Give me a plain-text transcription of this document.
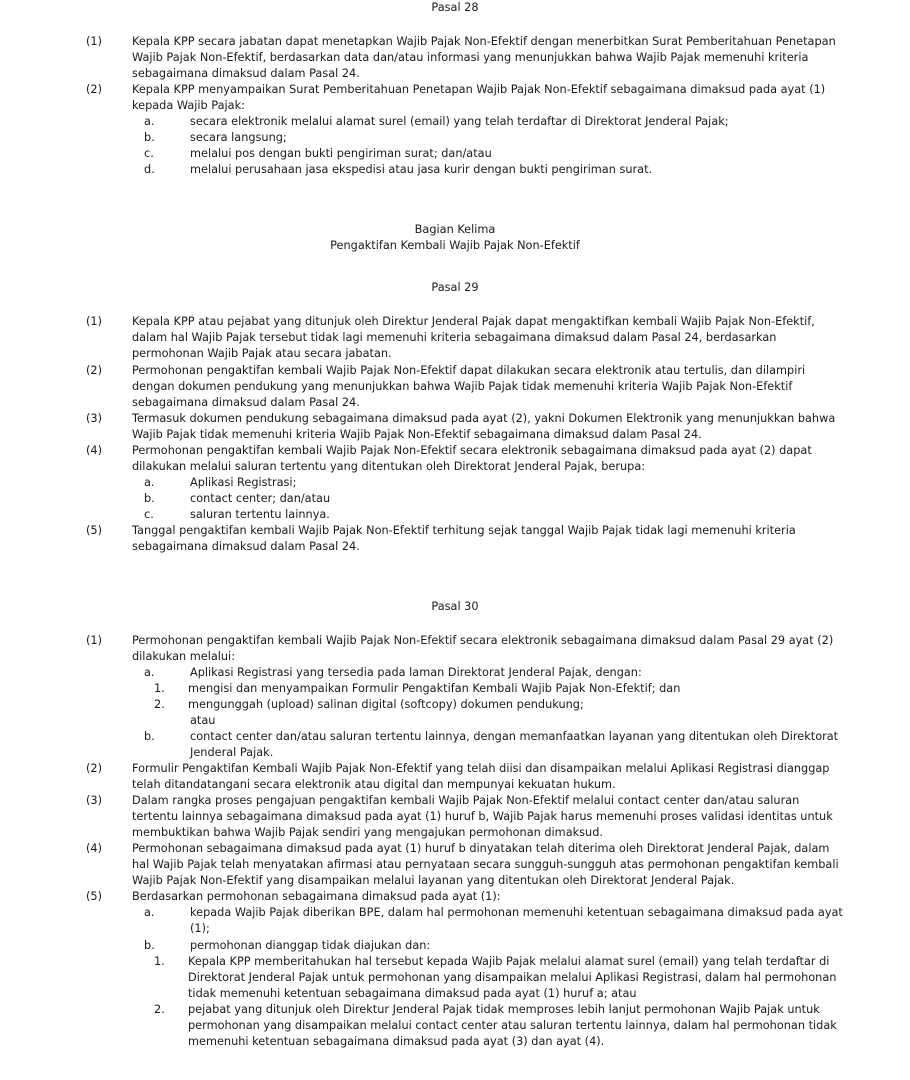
Pasal 28
(1)	Kepala KPP secara jabatan dapat menetapkan Wajib Pajak Non-Efektif dengan menerbitkan Surat Pemberitahuan Penetapan Wajib Pajak Non-Efektif, berdasarkan data dan/atau informasi yang menunjukkan bahwa Wajib Pajak memenuhi kriteria sebagaimana dimaksud dalam Pasal 24.
(2)	Kepala KPP menyampaikan Surat Pemberitahuan Penetapan Wajib Pajak Non-Efektif sebagaimana dimaksud pada ayat (1) kepada Wajib Pajak:
a.	secara elektronik melalui alamat surel (email) yang telah terdaftar di Direktorat Jenderal Pajak;
b.	secara langsung;
c.	melalui pos dengan bukti pengiriman surat; dan/atau
d.	melalui perusahaan jasa ekspedisi atau jasa kurir dengan bukti pengiriman surat.
Bagian Kelima
Pengaktifan Kembali Wajib Pajak Non-Efektif
Pasal 29
(1)	Kepala KPP atau pejabat yang ditunjuk oleh Direktur Jenderal Pajak dapat mengaktifkan kembali Wajib Pajak Non-Efektif, dalam hal Wajib Pajak tersebut tidak lagi memenuhi kriteria sebagaimana dimaksud dalam Pasal 24, berdasarkan permohonan Wajib Pajak atau secara jabatan.
(2)	Permohonan pengaktifan kembali Wajib Pajak Non-Efektif dapat dilakukan secara elektronik atau tertulis, dan dilampiri dengan dokumen pendukung yang menunjukkan bahwa Wajib Pajak tidak memenuhi kriteria Wajib Pajak Non-Efektif sebagaimana dimaksud dalam Pasal 24.
(3)	Termasuk dokumen pendukung sebagaimana dimaksud pada ayat (2), yakni Dokumen Elektronik yang menunjukkan bahwa Wajib Pajak tidak memenuhi kriteria Wajib Pajak Non-Efektif sebagaimana dimaksud dalam Pasal 24.
(4)	Permohonan pengaktifan kembali Wajib Pajak Non-Efektif secara elektronik sebagaimana dimaksud pada ayat (2) dapat dilakukan melalui saluran tertentu yang ditentukan oleh Direktorat Jenderal Pajak, berupa:
a.	Aplikasi Registrasi;
b.	contact center; dan/atau
c.	saluran tertentu lainnya.
(5)	Tanggal pengaktifan kembali Wajib Pajak Non-Efektif terhitung sejak tanggal Wajib Pajak tidak lagi memenuhi kriteria sebagaimana dimaksud dalam Pasal 24.
Pasal 30
(1)	Permohonan pengaktifan kembali Wajib Pajak Non-Efektif secara elektronik sebagaimana dimaksud dalam Pasal 29 ayat (2) dilakukan melalui:
a.	Aplikasi Registrasi yang tersedia pada laman Direktorat Jenderal Pajak, dengan:
1.	mengisi dan menyampaikan Formulir Pengaktifan Kembali Wajib Pajak Non-Efektif; dan
2.	mengunggah (upload) salinan digital (softcopy) dokumen pendukung;
atau
b.	contact center dan/atau saluran tertentu lainnya, dengan memanfaatkan layanan yang ditentukan oleh Direktorat Jenderal Pajak.
(2)	Formulir Pengaktifan Kembali Wajib Pajak Non-Efektif yang telah diisi dan disampaikan melalui Aplikasi Registrasi dianggap telah ditandatangani secara elektronik atau digital dan mempunyai kekuatan hukum.
(3)	Dalam rangka proses pengajuan pengaktifan kembali Wajib Pajak Non-Efektif melalui contact center dan/atau saluran tertentu lainnya sebagaimana dimaksud pada ayat (1) huruf b, Wajib Pajak harus memenuhi proses validasi identitas untuk membuktikan bahwa Wajib Pajak sendiri yang mengajukan permohonan dimaksud.
(4)	Permohonan sebagaimana dimaksud pada ayat (1) huruf b dinyatakan telah diterima oleh Direktorat Jenderal Pajak, dalam hal Wajib Pajak telah menyatakan afirmasi atau pernyataan secara sungguh-sungguh atas permohonan pengaktifan kembali Wajib Pajak Non-Efektif yang disampaikan melalui layanan yang ditentukan oleh Direktorat Jenderal Pajak.
(5)	Berdasarkan permohonan sebagaimana dimaksud pada ayat (1):
a.	kepada Wajib Pajak diberikan BPE, dalam hal permohonan memenuhi ketentuan sebagaimana dimaksud pada ayat (1);
b.	permohonan dianggap tidak diajukan dan:
1.	Kepala KPP memberitahukan hal tersebut kepada Wajib Pajak melalui alamat surel (email) yang telah terdaftar di Direktorat Jenderal Pajak untuk permohonan yang disampaikan melalui Aplikasi Registrasi, dalam hal permohonan tidak memenuhi ketentuan sebagaimana dimaksud pada ayat (1) huruf a; atau
2.	pejabat yang ditunjuk oleh Direktur Jenderal Pajak tidak memproses lebih lanjut permohonan Wajib Pajak untuk permohonan yang disampaikan melalui contact center atau saluran tertentu lainnya, dalam hal permohonan tidak memenuhi ketentuan sebagaimana dimaksud pada ayat (3) dan ayat (4).
